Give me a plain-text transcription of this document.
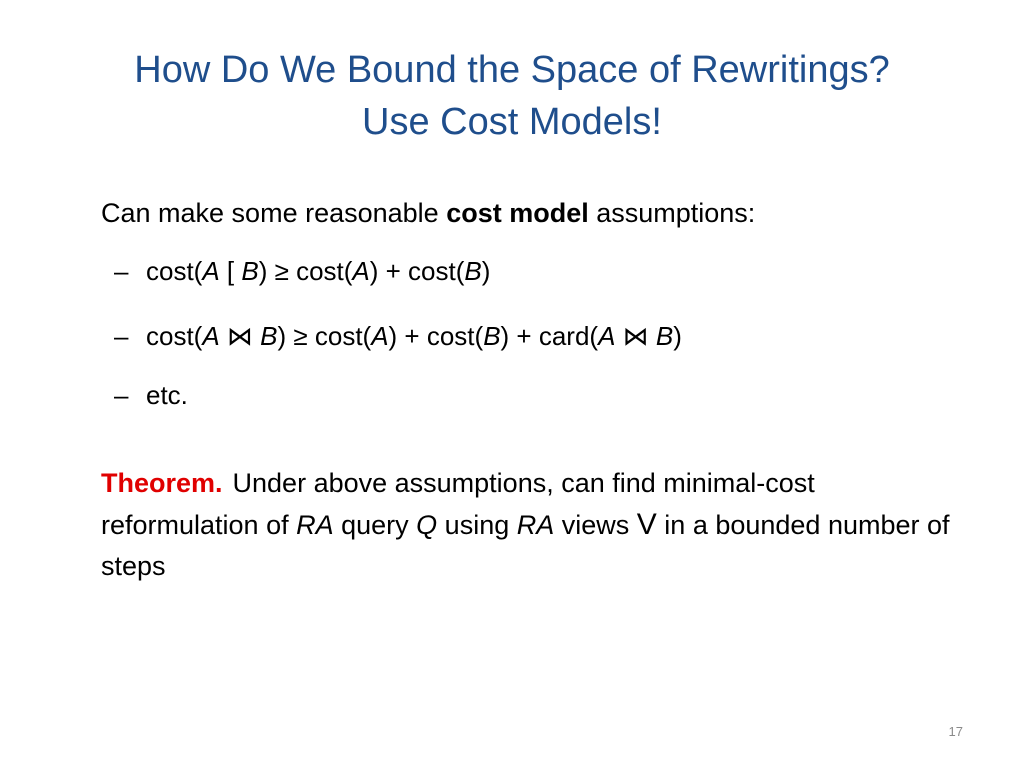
How Do We Bound the Space of Rewritings?
Use Cost Models!
Can make some reasonable cost model assumptions:
– cost(A [ B) ≥ cost(A) + cost(B)
– cost(A ⋈ B) ≥ cost(A) + cost(B) + card(A ⋈ B)
– etc.
Theorem. Under above assumptions, can find minimal-cost reformulation of RA query Q using RA views V in a bounded number of steps
17
